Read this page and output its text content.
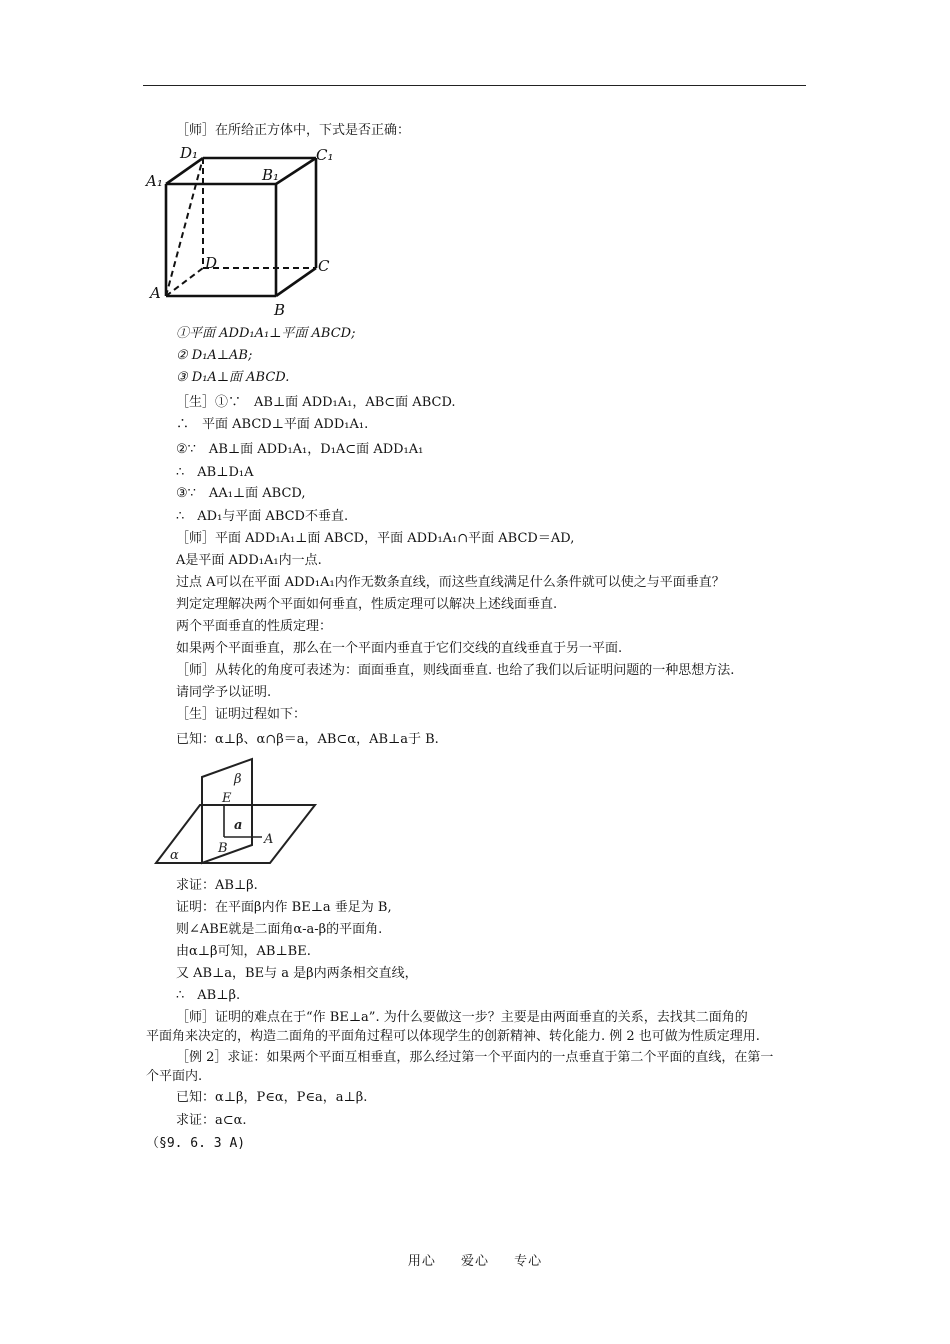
D₁	C₁
A₁	B₁
D	C
A
B
［师］在所给正方体中，下式是否正确：
①平面 ADD₁A₁⊥平面 ABCD;
② D₁A⊥AB;
③ D₁A⊥面 ABCD.
［生］①∵　AB⊥面 ADD₁A₁，AB⊂面 ABCD.
∴　平面 ABCD⊥平面 ADD₁A₁.
②∵　AB⊥面 ADD₁A₁，D₁A⊂面 ADD₁A₁
∴　AB⊥D₁A
③∵　AA₁⊥面 ABCD,
∴　AD₁与平面 ABCD不垂直.
［师］平面 ADD₁A₁⊥面 ABCD，平面 ADD₁A₁∩平面 ABCD＝AD,
A是平面 ADD₁A₁内一点.
过点 A可以在平面 ADD₁A₁内作无数条直线，而这些直线满足什么条件就可以使之与平面垂直？
判定定理解决两个平面如何垂直，性质定理可以解决上述线面垂直.
两个平面垂直的性质定理：
如果两个平面垂直，那么在一个平面内垂直于它们交线的直线垂直于另一平面.
［师］从转化的角度可表述为：面面垂直，则线面垂直. 也给了我们以后证明问题的一种思想方法.
请同学予以证明.
［生］证明过程如下：
已知：α⊥β、α∩β＝a，AB⊂α，AB⊥a于 B.
β
E
a
A
B
α
求证：AB⊥β.
证明：在平面β内作 BE⊥a 垂足为 B,
则∠ABE就是二面角α-a-β的平面角.
由α⊥β可知，AB⊥BE.
又 AB⊥a，BE与 a 是β内两条相交直线，
∴　AB⊥β.
［师］证明的难点在于“作 BE⊥a”. 为什么要做这一步？主要是由两面垂直的关系，去找其二面角的
平面角来决定的，构造二面角的平面角过程可以体现学生的创新精神、转化能力. 例 2 也可做为性质定理用.
［例 2］求证：如果两个平面互相垂直，那么经过第一个平面内的一点垂直于第二个平面的直线，在第一
个平面内.
已知：α⊥β，P∈α，P∈a，a⊥β.
求证：a⊂α.
（§9. 6. 3 A)
用心 爱心 专心
